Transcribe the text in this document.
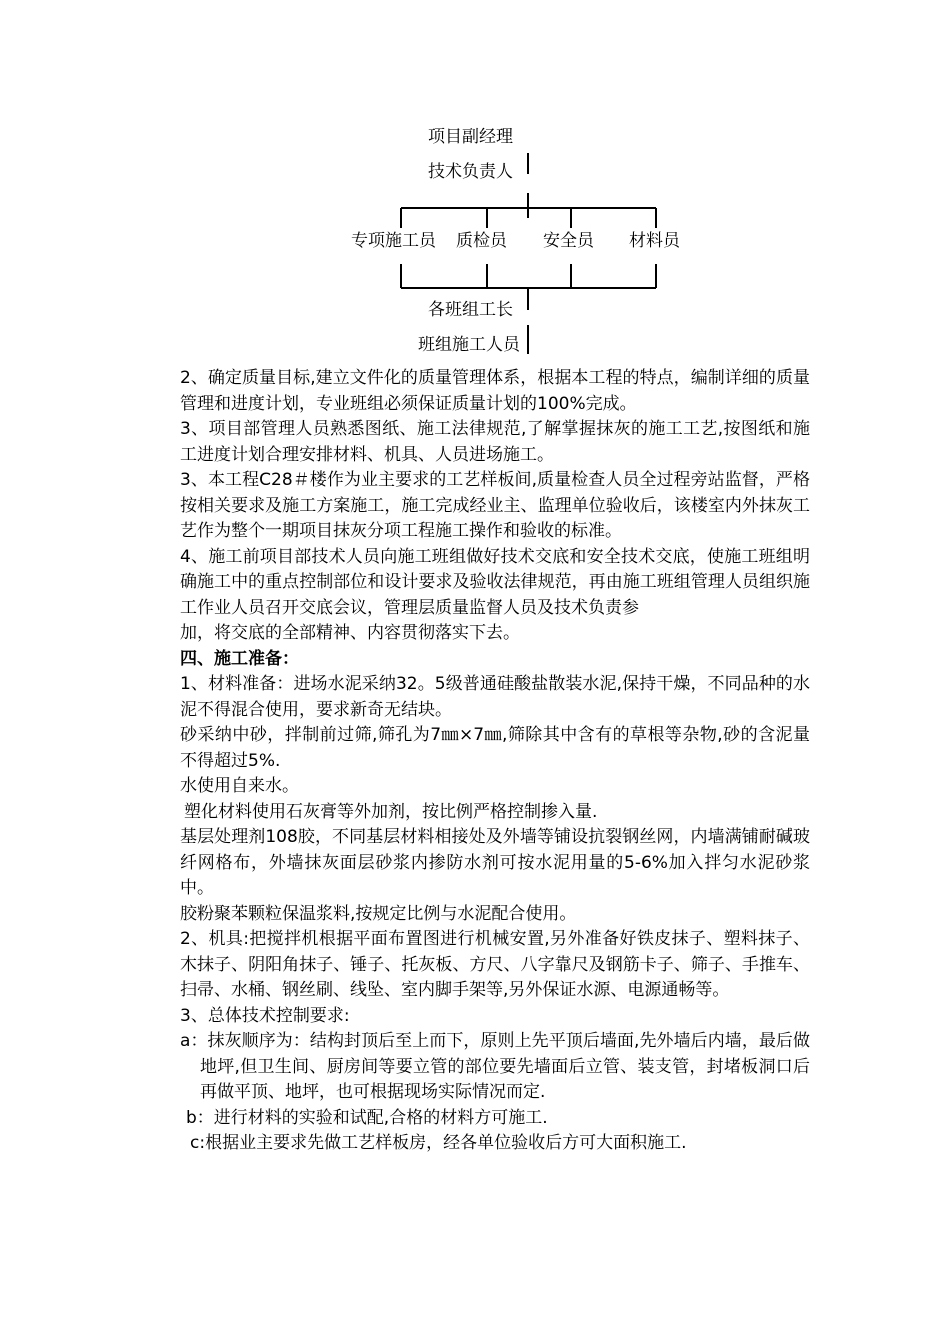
项目副经理
技术负责人
专项施工员 质检员 安全员 材料员
各班组工长
班组施工人员

2、确定质量目标,建立文件化的质量管理体系，根据本工程的特点，编制详细的质量管理和进度计划，专业班组必须保证质量计划的100%完成。

3、项目部管理人员熟悉图纸、施工法律规范,了解掌握抹灰的施工工艺,按图纸和施工进度计划合理安排材料、机具、人员进场施工。

3、本工程C28＃楼作为业主要求的工艺样板间,质量检查人员全过程旁站监督，严格按相关要求及施工方案施工，施工完成经业主、监理单位验收后，该楼室内外抹灰工艺作为整个一期项目抹灰分项工程施工操作和验收的标准。

4、施工前项目部技术人员向施工班组做好技术交底和安全技术交底，使施工班组明确施工中的重点控制部位和设计要求及验收法律规范，再由施工班组管理人员组织施工作业人员召开交底会议，管理层质量监督人员及技术负责参

加，将交底的全部精神、内容贯彻落实下去。

四、施工准备：

1、材料准备：进场水泥采纳32。5级普通硅酸盐散装水泥,保持干燥，不同品种的水泥不得混合使用，要求新奇无结块。

砂采纳中砂，拌制前过筛,筛孔为7㎜×7㎜,筛除其中含有的草根等杂物,砂的含泥量不得超过5%.

水使用自来水。

塑化材料使用石灰膏等外加剂，按比例严格控制掺入量.

基层处理剂108胶，不同基层材料相接处及外墙等铺设抗裂钢丝网，内墙满铺耐碱玻纤网格布，外墙抹灰面层砂浆内掺防水剂可按水泥用量的5-6%加入拌匀水泥砂浆中。

胶粉聚苯颗粒保温浆料,按规定比例与水泥配合使用。

2、机具:把搅拌机根据平面布置图进行机械安置,另外准备好铁皮抹子、塑料抹子、木抹子、阴阳角抹子、锤子、托灰板、方尺、八字靠尺及钢筋卡子、筛子、手推车、扫帚、水桶、钢丝刷、线坠、室内脚手架等,另外保证水源、电源通畅等。

3、总体技术控制要求:

a：抹灰顺序为：结构封顶后至上而下，原则上先平顶后墙面,先外墙后内墙，最后做地坪,但卫生间、厨房间等要立管的部位要先墙面后立管、装支管，封堵板洞口后再做平顶、地坪，也可根据现场实际情况而定.

b：进行材料的实验和试配,合格的材料方可施工.

c:根据业主要求先做工艺样板房，经各单位验收后方可大面积施工.
